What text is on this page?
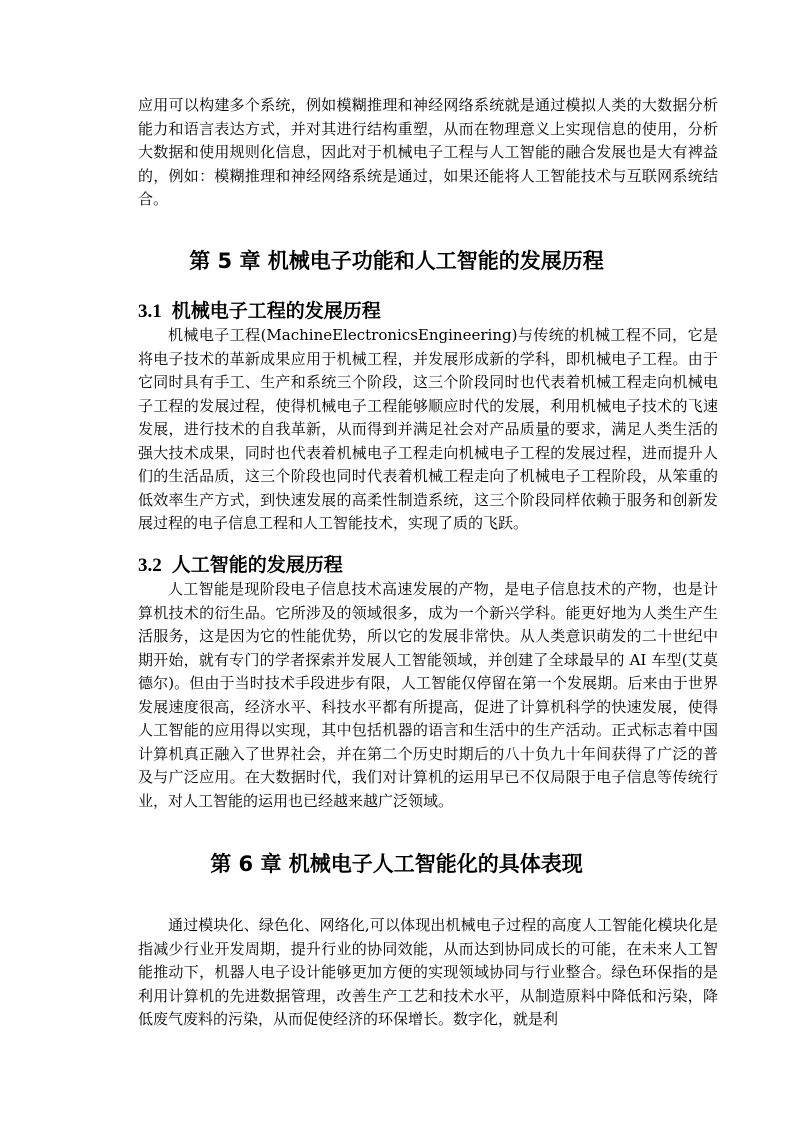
应用可以构建多个系统，例如模糊推理和神经网络系统就是通过模拟人类的大数据分析能力和语言表达方式，并对其进行结构重塑，从而在物理意义上实现信息的使用，分析大数据和使用规则化信息，因此对于机械电子工程与人工智能的融合发展也是大有裨益的，例如：模糊推理和神经网络系统是通过，如果还能将人工智能技术与互联网系统结合。

第 5 章 机械电子功能和人工智能的发展历程
3.1 机械电子工程的发展历程

机械电子工程(MachineElectronicsEngineering)与传统的机械工程不同，它是将电子技术的革新成果应用于机械工程，并发展形成新的学科，即机械电子工程。由于它同时具有手工、生产和系统三个阶段，这三个阶段同时也代表着机械工程走向机械电子工程的发展过程，使得机械电子工程能够顺应时代的发展，利用机械电子技术的飞速发展，进行技术的自我革新，从而得到并满足社会对产品质量的要求，满足人类生活的强大技术成果，同时也代表着机械电子工程走向机械电子工程的发展过程，进而提升人们的生活品质，这三个阶段也同时代表着机械工程走向了机械电子工程阶段，从笨重的低效率生产方式，到快速发展的高柔性制造系统，这三个阶段同样依赖于服务和创新发展过程的电子信息工程和人工智能技术，实现了质的飞跃。

3.2 人工智能的发展历程

人工智能是现阶段电子信息技术高速发展的产物，是电子信息技术的产物，也是计算机技术的衍生品。它所涉及的领域很多，成为一个新兴学科。能更好地为人类生产生活服务，这是因为它的性能优势，所以它的发展非常快。从人类意识萌发的二十世纪中期开始，就有专门的学者探索并发展人工智能领域，并创建了全球最早的 AI 车型(艾莫德尔)。但由于当时技术手段进步有限，人工智能仅停留在第一个发展期。后来由于世界发展速度很高，经济水平、科技水平都有所提高，促进了计算机科学的快速发展，使得人工智能的应用得以实现，其中包括机器的语言和生活中的生产活动。正式标志着中国计算机真正融入了世界社会，并在第二个历史时期后的八十负九十年间获得了广泛的普及与广泛应用。在大数据时代，我们对计算机的运用早已不仅局限于电子信息等传统行业，对人工智能的运用也已经越来越广泛领域。

第 6 章 机械电子人工智能化的具体表现

通过模块化、绿色化、网络化,可以体现出机械电子过程的高度人工智能化模块化是指减少行业开发周期，提升行业的协同效能，从而达到协同成长的可能，在未来人工智能推动下，机器人电子设计能够更加方便的实现领域协同与行业整合。绿色环保指的是利用计算机的先进数据管理，改善生产工艺和技术水平，从制造原料中降低和污染，降低废气废料的污染，从而促使经济的环保增长。数字化，就是利
